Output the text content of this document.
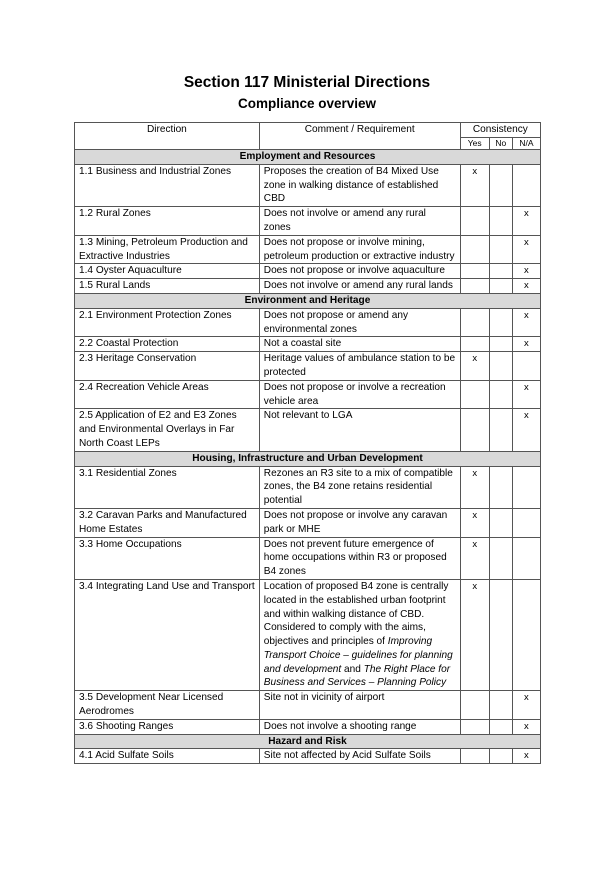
Section 117 Ministerial Directions
Compliance overview
Direction	Comment / Requirement	Consistency		
		Yes	No	N/A
Employment and Resources				
1.1 Business and Industrial Zones	Proposes the creation of B4 Mixed Use zone in walking distance of established CBD	x		
1.2 Rural Zones	Does not involve or amend any rural zones			x
1.3 Mining, Petroleum Production and Extractive Industries	Does not propose or involve mining, petroleum production or extractive industry			x
1.4 Oyster Aquaculture	Does not propose or involve aquaculture			x
1.5 Rural Lands	Does not involve or amend any rural lands			x
Environment and Heritage				
2.1 Environment Protection Zones	Does not propose or amend any environmental zones			x
2.2 Coastal Protection	Not a coastal site			x
2.3 Heritage Conservation	Heritage values of ambulance station to be protected	x		
2.4 Recreation Vehicle Areas	Does not propose or involve a recreation vehicle area			x
2.5 Application of E2 and E3 Zones and Environmental Overlays in Far North Coast LEPs	Not relevant to LGA			x
Housing, Infrastructure and Urban Development				
3.1 Residential Zones	Rezones an R3 site to a mix of compatible zones, the B4 zone retains residential potential	x		
3.2 Caravan Parks and Manufactured Home Estates	Does not propose or involve any caravan park or MHE	x		
3.3 Home Occupations	Does not prevent future emergence of home occupations within R3 or proposed B4 zones	x		
3.4 Integrating Land Use and Transport	Location of proposed B4 zone is centrally located in the established urban footprint and within walking distance of CBD. Considered to comply with the aims, objectives and principles of Improving Transport Choice – guidelines for planning and development and The Right Place for Business and Services – Planning Policy	x		
3.5 Development Near Licensed Aerodromes	Site not in vicinity of airport			x
3.6 Shooting Ranges	Does not involve a shooting range			x
Hazard and Risk				
4.1 Acid Sulfate Soils	Site not affected by Acid Sulfate Soils			x
